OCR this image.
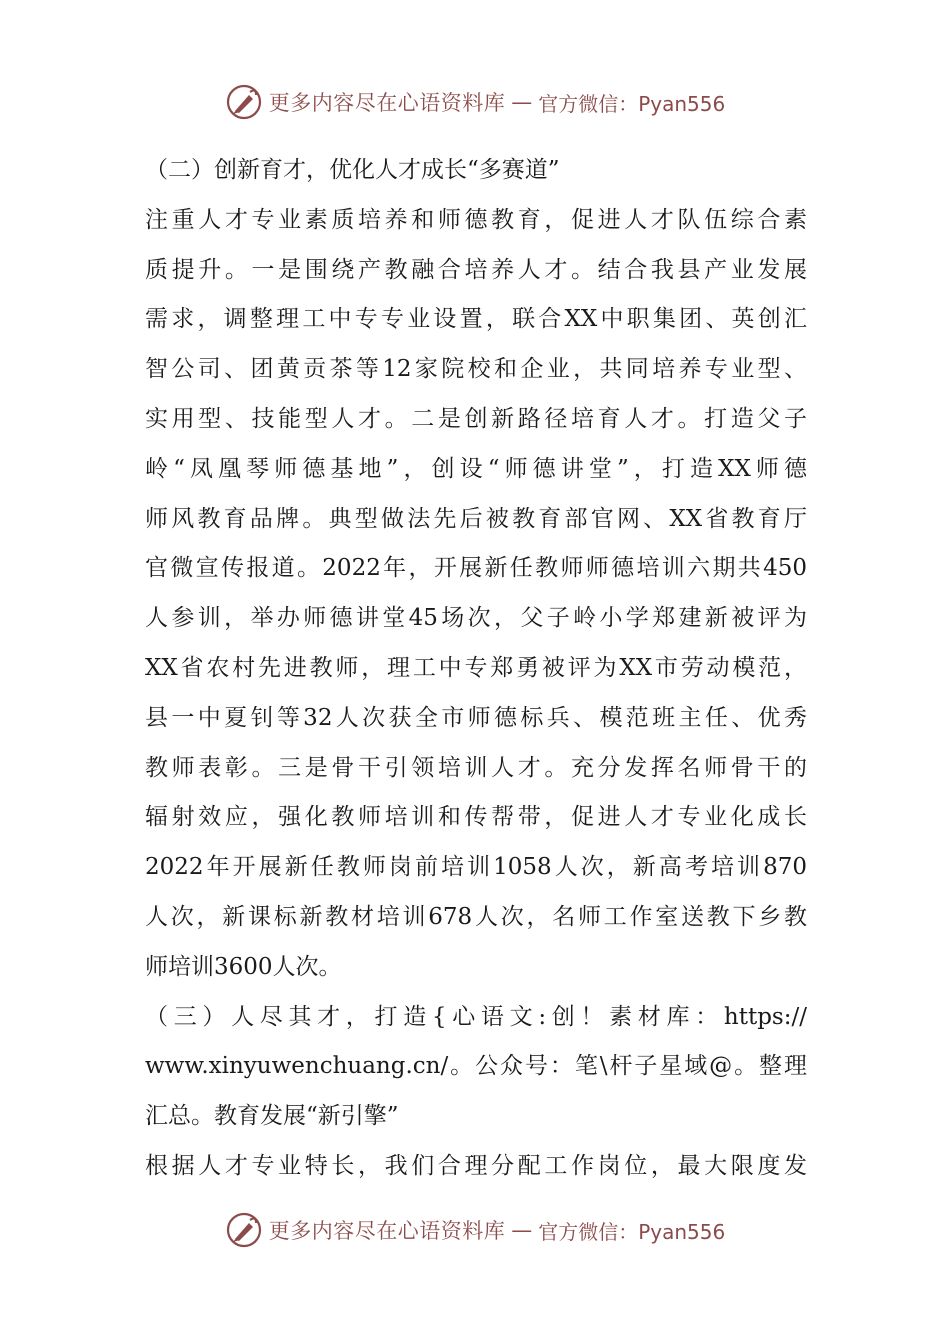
更多内容尽在心语资料库 — 官方微信：Pyan556
（二）创新育才，优化人才成长“多赛道”
注重人才专业素质培养和师德教育，促进人才队伍综合素
质提升。一是围绕产教融合培养人才。结合我县产业发展
需求，调整理工中专专业设置，联合XX中职集团、英创汇
智公司、团黄贡茶等12家院校和企业，共同培养专业型、
实用型、技能型人才。二是创新路径培育人才。打造父子
岭“凤凰琴师德基地”，创设“师德讲堂”，打造XX师德
师风教育品牌。典型做法先后被教育部官网、XX省教育厅
官微宣传报道。2022年，开展新任教师师德培训六期共450
人参训，举办师德讲堂45场次，父子岭小学郑建新被评为
XX省农村先进教师，理工中专郑勇被评为XX市劳动模范，
县一中夏钊等32人次获全市师德标兵、模范班主任、优秀
教师表彰。三是骨干引领培训人才。充分发挥名师骨干的
辐射效应，强化教师培训和传帮带，促进人才专业化成长
2022年开展新任教师岗前培训1058人次，新高考培训870
人次，新课标新教材培训678人次，名师工作室送教下乡教
师培训3600人次。
（三）人尽其才，打造{心语文:创！素材库：https://
www.xinyuwenchuang.cn/。公众号：笔\杆子星域@。整理
汇总。教育发展“新引擎”
根据人才专业特长，我们合理分配工作岗位，最大限度发
更多内容尽在心语资料库 — 官方微信：Pyan556
